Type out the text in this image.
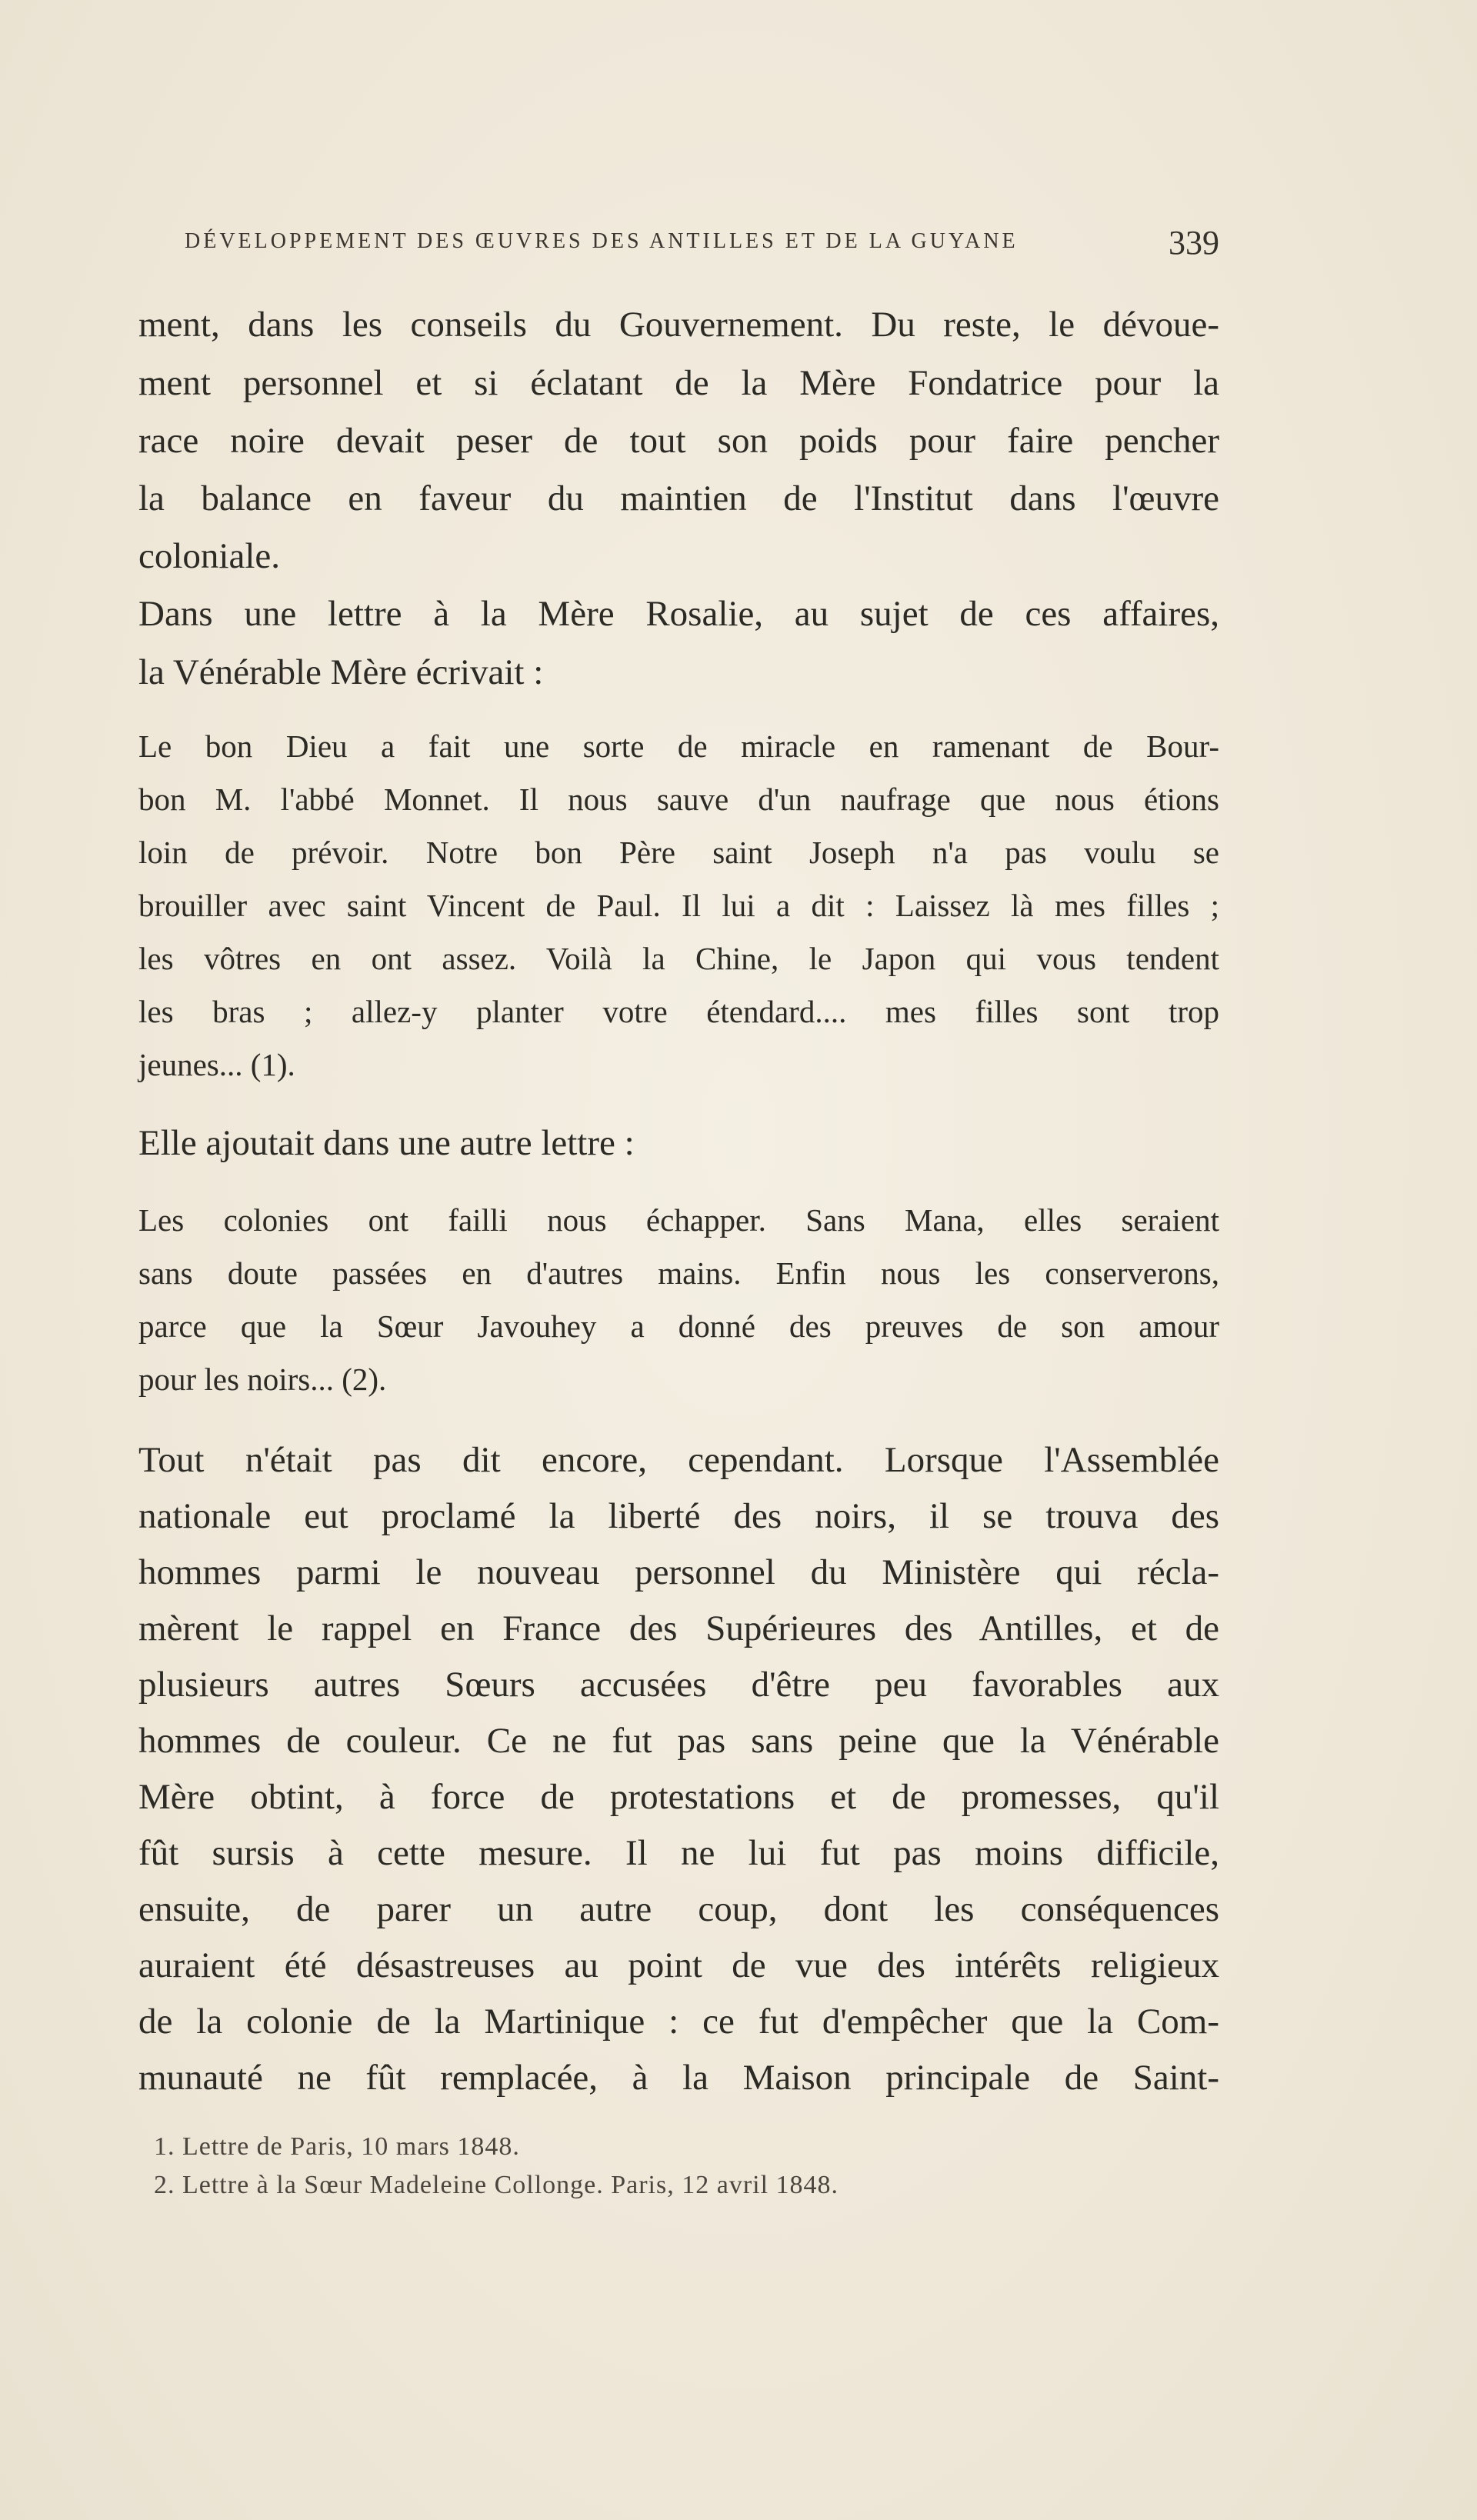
DÉVELOPPEMENT DES ŒUVRES DES ANTILLES ET DE LA GUYANE	339
ment, dans les conseils du Gouvernement. Du reste, le dévoue-
ment personnel et si éclatant de la Mère Fondatrice pour la
race noire devait peser de tout son poids pour faire pencher
la balance en faveur du maintien de l'Institut dans l'œuvre
coloniale.
Dans une lettre à la Mère Rosalie, au sujet de ces affaires,
la Vénérable Mère écrivait :
Le bon Dieu a fait une sorte de miracle en ramenant de Bour-
bon M. l'abbé Monnet. Il nous sauve d'un naufrage que nous étions
loin de prévoir. Notre bon Père saint Joseph n'a pas voulu se
brouiller avec saint Vincent de Paul. Il lui a dit : Laissez là mes filles ;
les vôtres en ont assez. Voilà la Chine, le Japon qui vous tendent
les bras ; allez-y planter votre étendard.... mes filles sont trop
jeunes... (1).
Elle ajoutait dans une autre lettre :
Les colonies ont failli nous échapper. Sans Mana, elles seraient
sans doute passées en d'autres mains. Enfin nous les conserverons,
parce que la Sœur Javouhey a donné des preuves de son amour
pour les noirs... (2).
Tout n'était pas dit encore, cependant. Lorsque l'Assemblée
nationale eut proclamé la liberté des noirs, il se trouva des
hommes parmi le nouveau personnel du Ministère qui récla-
mèrent le rappel en France des Supérieures des Antilles, et de
plusieurs autres Sœurs accusées d'être peu favorables aux
hommes de couleur. Ce ne fut pas sans peine que la Vénérable
Mère obtint, à force de protestations et de promesses, qu'il
fût sursis à cette mesure. Il ne lui fut pas moins difficile,
ensuite, de parer un autre coup, dont les conséquences
auraient été désastreuses au point de vue des intérêts religieux
de la colonie de la Martinique : ce fut d'empêcher que la Com-
munauté ne fût remplacée, à la Maison principale de Saint-
1. Lettre de Paris, 10 mars 1848.
2. Lettre à la Sœur Madeleine Collonge. Paris, 12 avril 1848.
